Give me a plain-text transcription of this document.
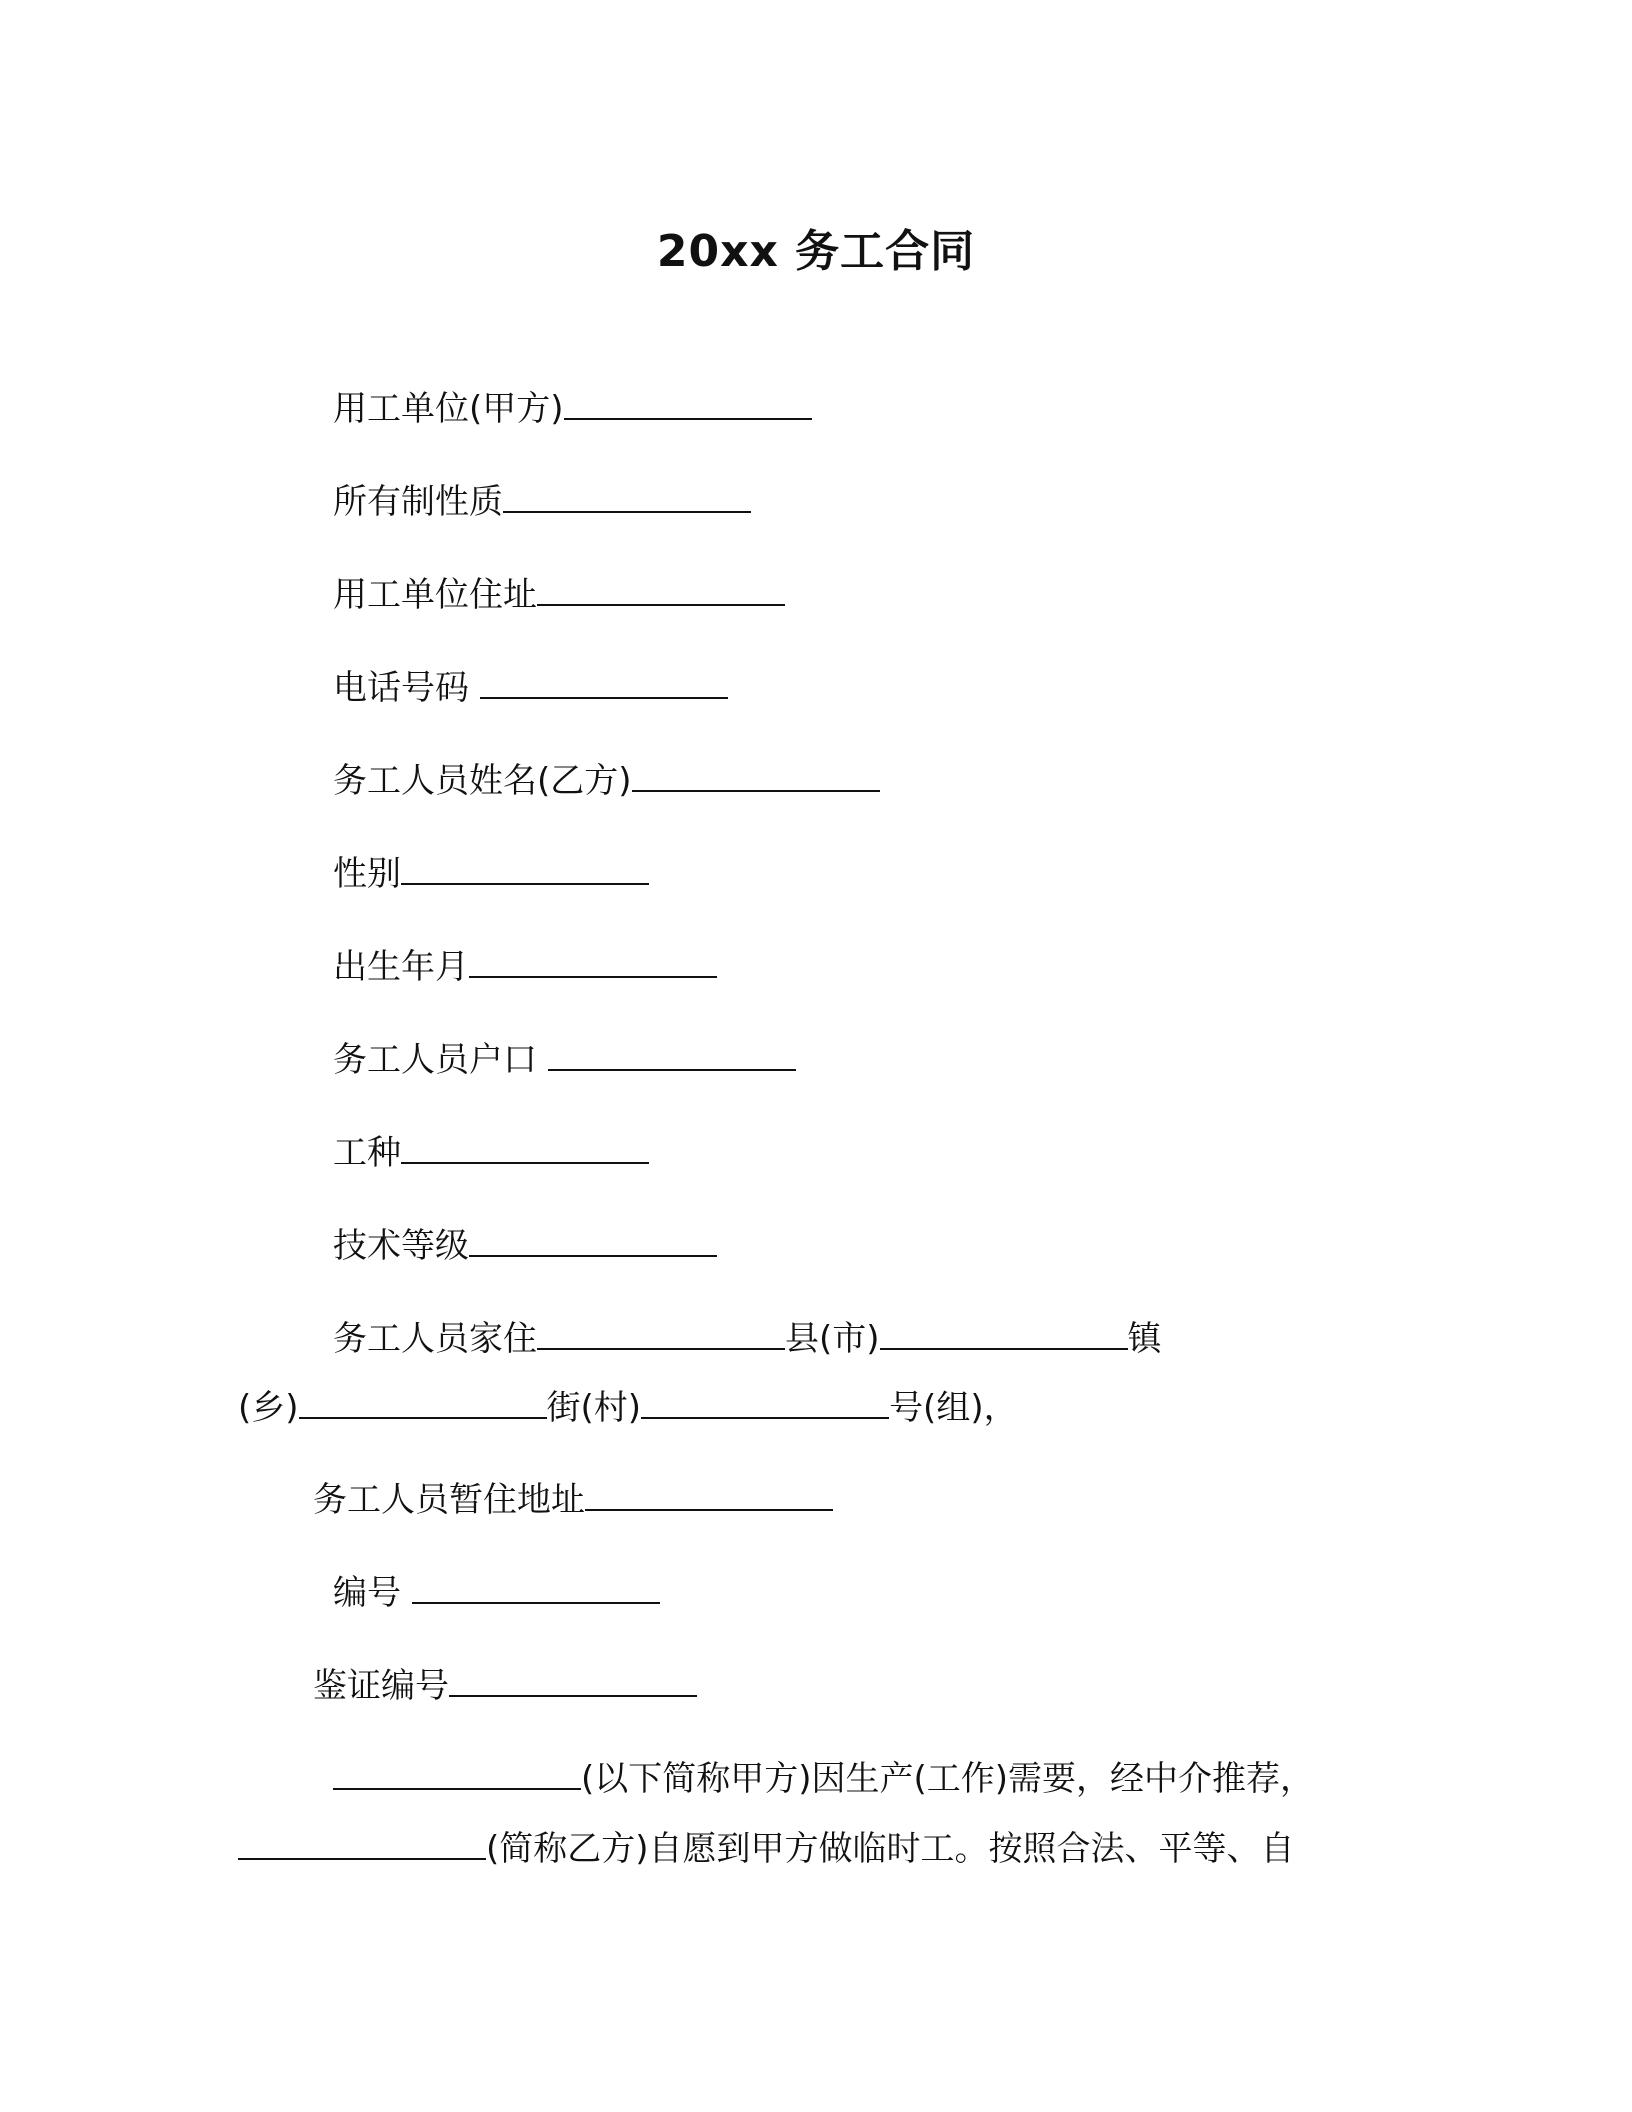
20xx 务工合同
用工单位(甲方)
所有制性质
用工单位住址
电话号码
务工人员姓名(乙方)
性别
出生年月
务工人员户口
工种
技术等级
务工人员家住	县(市)	镇
(乡)	街(村)	号(组)，
务工人员暂住地址
编号
鉴证编号
(以下简称甲方)因生产(工作)需要，经中介推荐，
(简称乙方)自愿到甲方做临时工。按照合法、平等、自
